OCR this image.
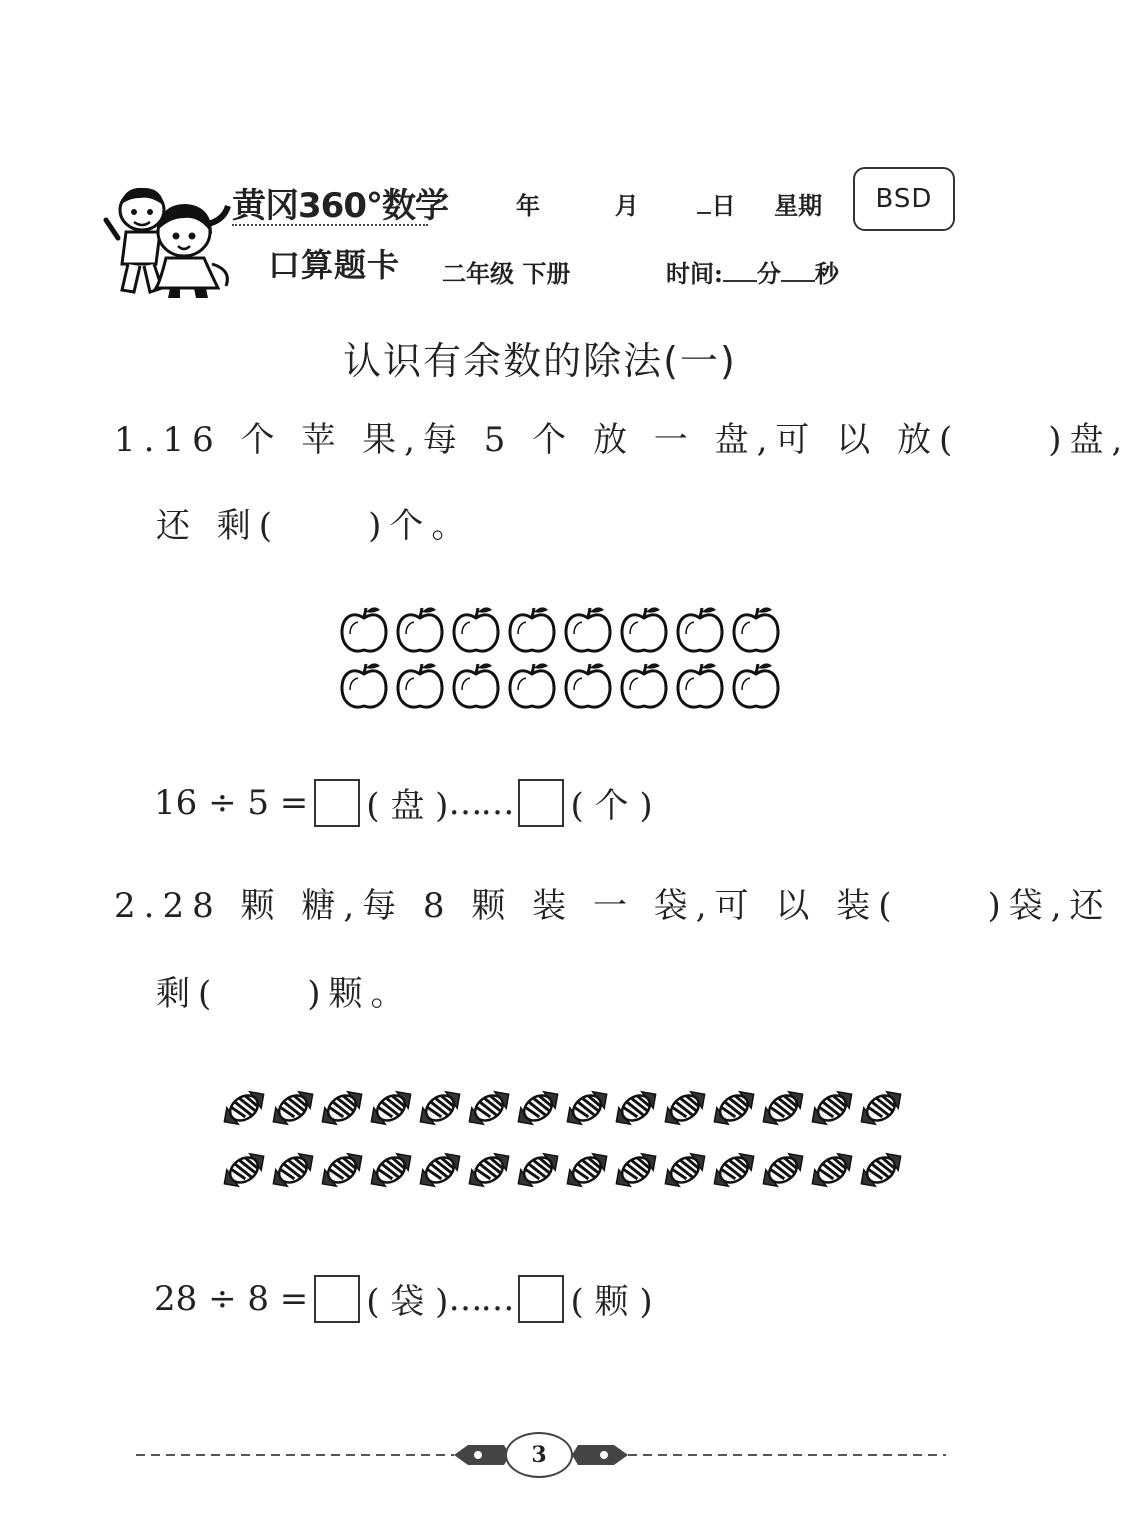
黄冈360°数学
口算题卡
年	月	日 星期	BSD
二年级 下册	时间: 分 秒
认识有余数的除法(一)
1.16 个 苹 果,每 5 个 放 一 盘,可 以 放(	)盘,
还 剩(	)个。
16 ÷ 5 = ( 盘 ) …… ( 个 )
2.28 颗 糖,每 8 颗 装 一 袋,可 以 装(	)袋,还
剩(	)颗。
28 ÷ 8 = ( 袋 ) …… ( 颗 )
3
